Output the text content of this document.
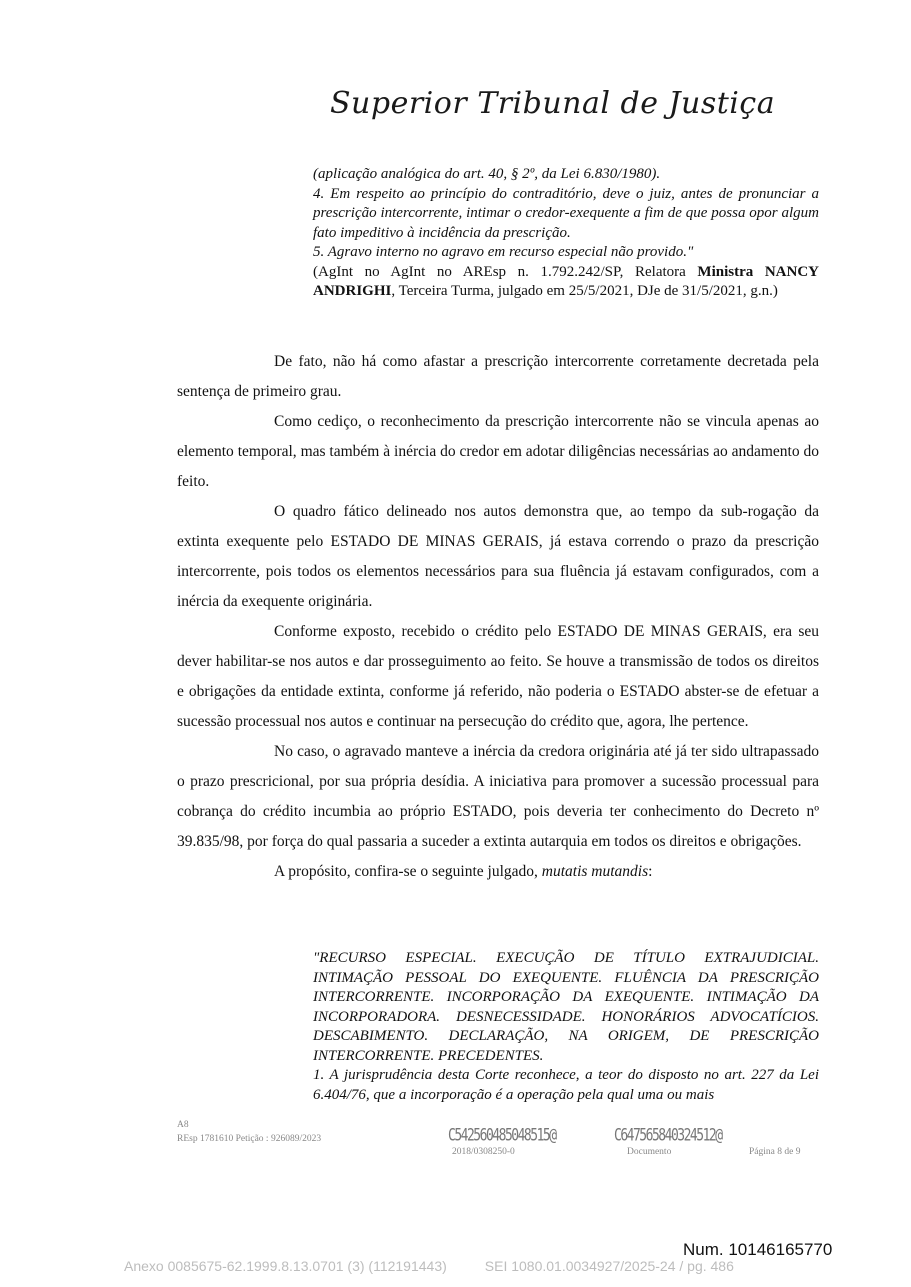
Superior Tribunal de Justiça

(aplicação analógica do art. 40, § 2º, da Lei 6.830/1980).

4. Em respeito ao princípio do contraditório, deve o juiz, antes de pronunciar a prescrição intercorrente, intimar o credor-exequente a fim de que possa opor algum fato impeditivo à incidência da prescrição.

5. Agravo interno no agravo em recurso especial não provido."

(AgInt no AgInt no AREsp n. 1.792.242/SP, Relatora Ministra NANCY ANDRIGHI, Terceira Turma, julgado em 25/5/2021, DJe de 31/5/2021, g.n.)

De fato, não há como afastar a prescrição intercorrente corretamente decretada pela sentença de primeiro grau.

Como cediço, o reconhecimento da prescrição intercorrente não se vincula apenas ao elemento temporal, mas também à inércia do credor em adotar diligências necessárias ao andamento do feito.

O quadro fático delineado nos autos demonstra que, ao tempo da sub-rogação da extinta exequente pelo ESTADO DE MINAS GERAIS, já estava correndo o prazo da prescrição intercorrente, pois todos os elementos necessários para sua fluência já estavam configurados, com a inércia da exequente originária.

Conforme exposto, recebido o crédito pelo ESTADO DE MINAS GERAIS, era seu dever habilitar-se nos autos e dar prosseguimento ao feito. Se houve a transmissão de todos os direitos e obrigações da entidade extinta, conforme já referido, não poderia o ESTADO abster-se de efetuar a sucessão processual nos autos e continuar na persecução do crédito que, agora, lhe pertence.

No caso, o agravado manteve a inércia da credora originária até já ter sido ultrapassado o prazo prescricional, por sua própria desídia. A iniciativa para promover a sucessão processual para cobrança do crédito incumbia ao próprio ESTADO, pois deveria ter conhecimento do Decreto nº 39.835/98, por força do qual passaria a suceder a extinta autarquia em todos os direitos e obrigações.

A propósito, confira-se o seguinte julgado, mutatis mutandis:

"RECURSO ESPECIAL. EXECUÇÃO DE TÍTULO EXTRAJUDICIAL. INTIMAÇÃO PESSOAL DO EXEQUENTE. FLUÊNCIA DA PRESCRIÇÃO INTERCORRENTE. INCORPORAÇÃO DA EXEQUENTE. INTIMAÇÃO DA INCORPORADORA. DESNECESSIDADE. HONORÁRIOS ADVOCATÍCIOS. DESCABIMENTO. DECLARAÇÃO, NA ORIGEM, DE PRESCRIÇÃO INTERCORRENTE. PRECEDENTES.

1. A jurisprudência desta Corte reconhece, a teor do disposto no art. 227 da Lei 6.404/76, que a incorporação é a operação pela qual uma ou mais

A8
REsp 1781610 Petição : 926089/2023	C542560485048515@
2018/0308250-0
C647565840324512@
Documento	Página 8 de 9
Num. 10146165770
Anexo 0085675-62.1999.8.13.0701 (3) (112191443)	SEI 1080.01.0034927/2025-24 / pg. 486
